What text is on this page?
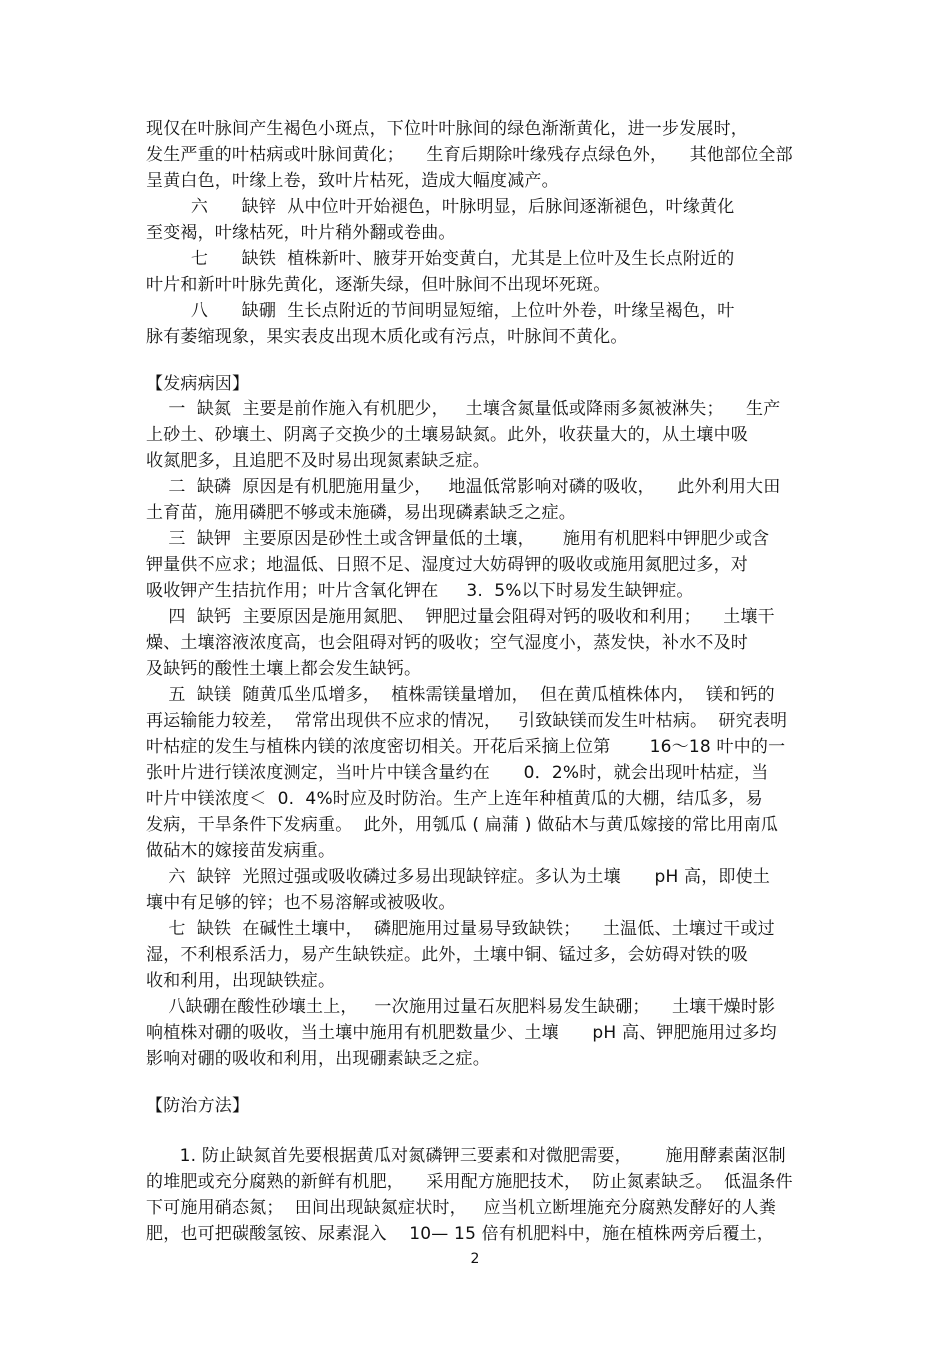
现仅在叶脉间产生褐色小斑点，下位叶叶脉间的绿色渐渐黄化，进一步发展时，
发生严重的叶枯病或叶脉间黄化；    生育后期除叶缘残存点绿色外，    其他部位全部
呈黄白色，叶缘上卷，致叶片枯死，造成大幅度减产。
六      缺锌  从中位叶开始褪色，叶脉明显，后脉间逐渐褪色，叶缘黄化
至变褐，叶缘枯死，叶片稍外翻或卷曲。
七      缺铁  植株新叶、腋芽开始变黄白，尤其是上位叶及生长点附近的
叶片和新叶叶脉先黄化，逐渐失绿，但叶脉间不出现坏死斑。
八      缺硼  生长点附近的节间明显短缩，上位叶外卷，叶缘呈褐色，叶
脉有萎缩现象，果实表皮出现木质化或有污点，叶脉间不黄化。
【发病病因】
一  缺氮  主要是前作施入有机肥少，   土壤含氮量低或降雨多氮被淋失；    生产
上砂土、砂壤土、阴离子交换少的土壤易缺氮。此外，收获量大的，从土壤中吸
收氮肥多，且追肥不及时易出现氮素缺乏症。
二  缺磷  原因是有机肥施用量少，   地温低常影响对磷的吸收，    此外利用大田
土育苗，施用磷肥不够或未施磷，易出现磷素缺乏之症。
三  缺钾  主要原因是砂性土或含钾量低的土壤，     施用有机肥料中钾肥少或含
钾量供不应求；地温低、日照不足、湿度过大妨碍钾的吸收或施用氮肥过多，对
吸收钾产生拮抗作用；叶片含氧化钾在     3.  5%以下时易发生缺钾症。
四  缺钙  主要原因是施用氮肥、  钾肥过量会阻碍对钙的吸收和利用；    土壤干
燥、土壤溶液浓度高，也会阻碍对钙的吸收；空气湿度小，蒸发快，补水不及时
及缺钙的酸性土壤上都会发生缺钙。
五  缺镁  随黄瓜坐瓜增多，  植株需镁量增加，  但在黄瓜植株体内，  镁和钙的
再运输能力较差，  常常出现供不应求的情况，   引致缺镁而发生叶枯病。  研究表明
叶枯症的发生与植株内镁的浓度密切相关。开花后采摘上位第       16～18 叶中的一
张叶片进行镁浓度测定，当叶片中镁含量约在      0．2%时，就会出现叶枯症，当
叶片中镁浓度＜  0.  4%时应及时防治。生产上连年种植黄瓜的大棚，结瓜多，易
发病，干旱条件下发病重。  此外，用瓠瓜 ( 扁蒲 ) 做砧木与黄瓜嫁接的常比用南瓜
做砧木的嫁接苗发病重。
六  缺锌  光照过强或吸收磷过多易出现缺锌症。多认为土壤      pH 高，即使土
壤中有足够的锌；也不易溶解或被吸收。
七  缺铁  在碱性土壤中，  磷肥施用过量易导致缺铁；    土温低、土壤过干或过
湿，不利根系活力，易产生缺铁症。此外，土壤中铜、锰过多，会妨碍对铁的吸
收和利用，出现缺铁症。
八缺硼在酸性砂壤土上，   一次施用过量石灰肥料易发生缺硼；    土壤干燥时影
响植株对硼的吸收，当土壤中施用有机肥数量少、土壤      pH 高、钾肥施用过多均
影响对硼的吸收和利用，出现硼素缺乏之症。
【防治方法】
1. 防止缺氮首先要根据黄瓜对氮磷钾三要素和对微肥需要，      施用酵素菌沤制
的堆肥或充分腐熟的新鲜有机肥，    采用配方施肥技术，  防止氮素缺乏。  低温条件
下可施用硝态氮；  田间出现缺氮症状时，   应当机立断埋施充分腐熟发酵好的人粪
肥，也可把碳酸氢铵、尿素混入    10— 15 倍有机肥料中，施在植株两旁后覆土，
2
